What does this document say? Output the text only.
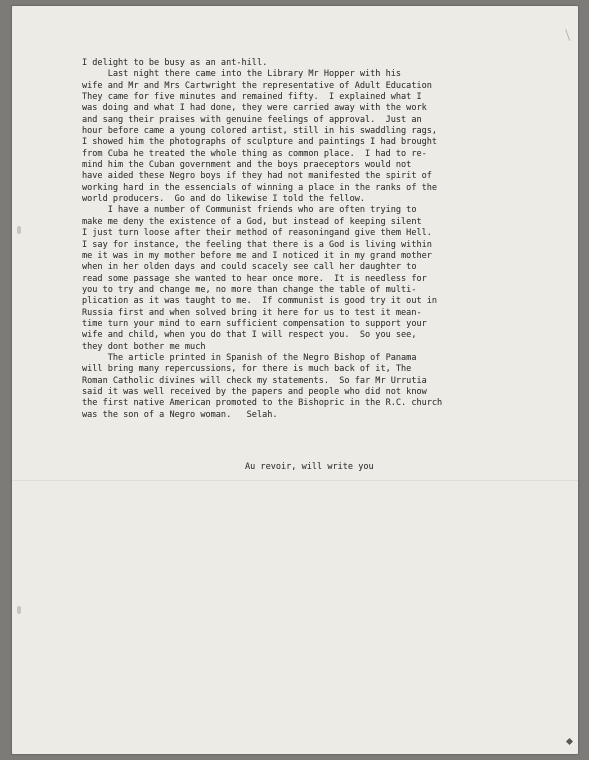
I delight to be busy as an ant-hill.
Last night there came into the Library Mr Hopper with his
wife and Mr and Mrs Cartwright the representative of Adult Education
They came for five minutes and remained fifty.  I explained what I
was doing and what I had done, they were carried away with the work
and sang their praises with genuine feelings of approval.  Just an
hour before came a young colored artist, still in his swaddling rags,
I showed him the photographs of sculpture and paintings I had brought
from Cuba he treated the whole thing as common place.  I had to re-
mind him the Cuban government and the boys praeceptors would not
have aided these Negro boys if they had not manifested the spirit of
working hard in the essencials of winning a place in the ranks of the
world producers.  Go and do likewise I told the fellow.
I have a number of Communist friends who are often trying to
make me deny the existence of a God, but instead of keeping silent
I just turn loose after their method of reasoningand give them Hell.
I say for instance, the feeling that there is a God is living within
me it was in my mother before me and I noticed it in my grand mother
when in her olden days and could scacely see call her daughter to
read some passage she wanted to hear once more.  It is needless for
you to try and change me, no more than change the table of multi-
plication as it was taught to me.  If communist is good try it out in
Russia first and when solved bring it here for us to test it mean-
time turn your mind to earn sufficient compensation to support your
wife and child, when you do that I will respect you.  So you see,
they dont bother me much
The article printed in Spanish of the Negro Bishop of Panama
will bring many repercussions, for there is much back of it, The
Roman Catholic divines will check my statements.  So far Mr Urrutia
said it was well received by the papers and people who did not know
the first native American promoted to the Bishopric in the R.C. church
was the son of a Negro woman.   Selah.
Au revoir, will write you
